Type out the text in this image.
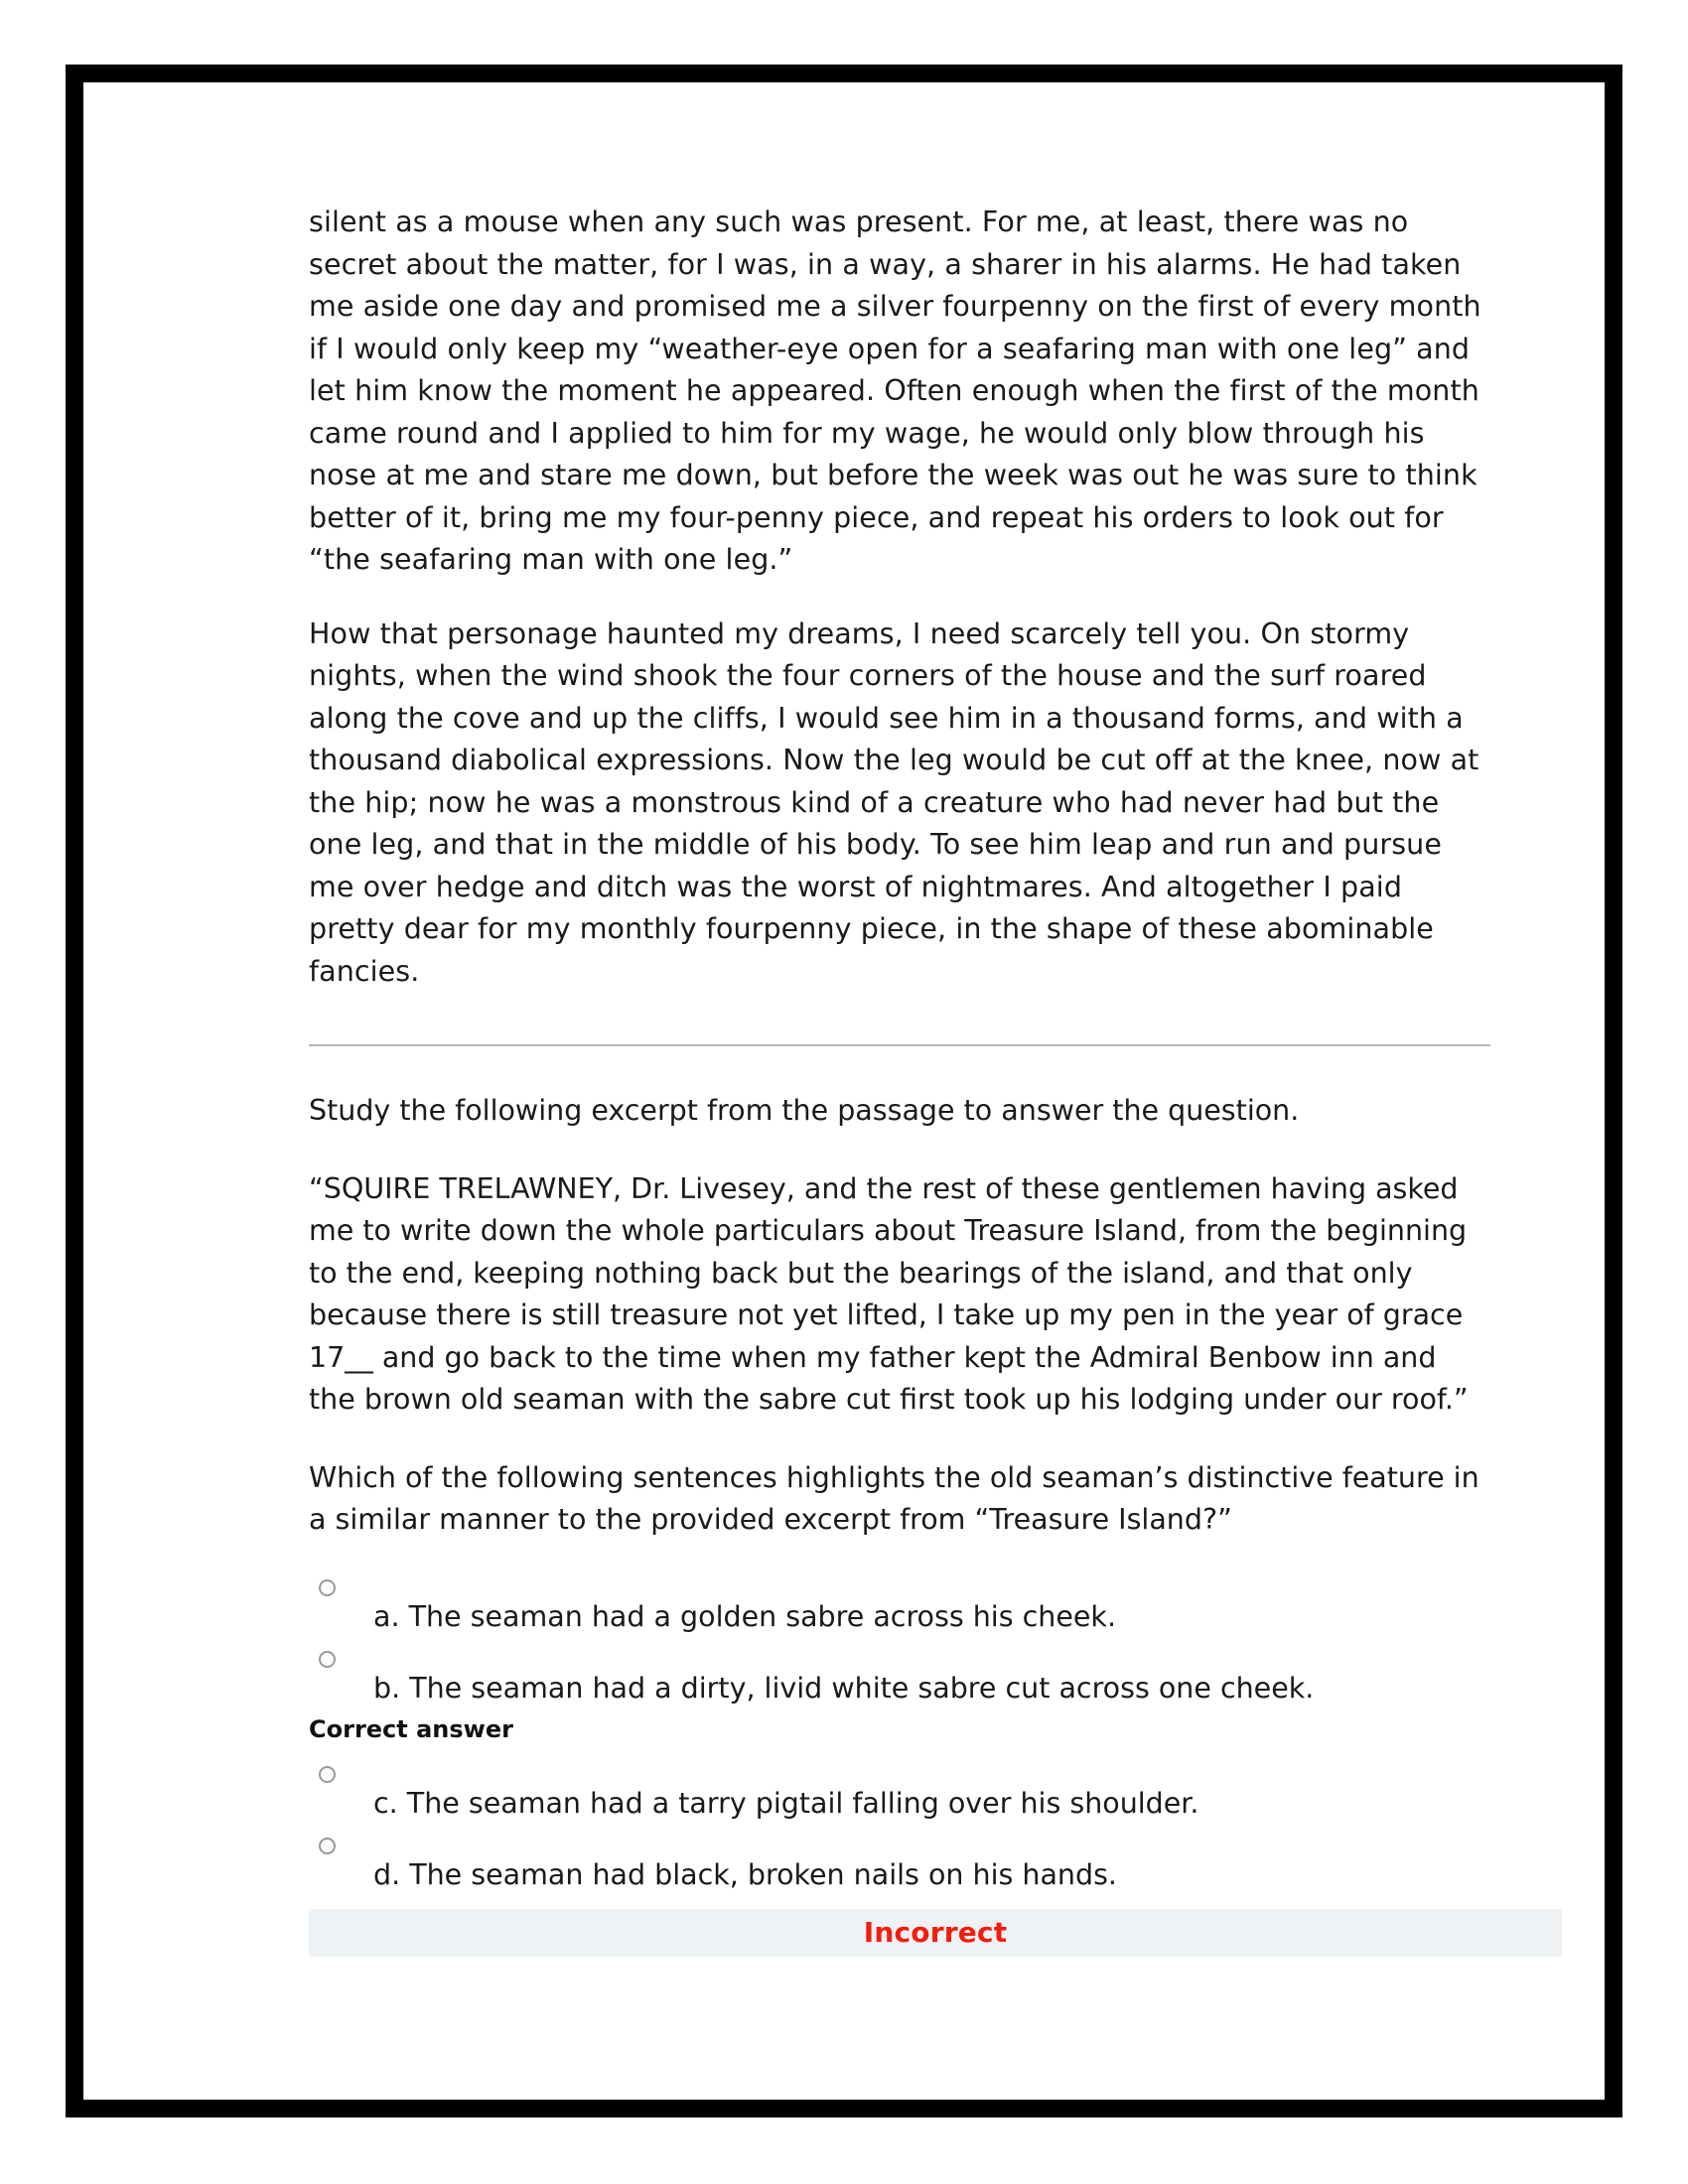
silent as a mouse when any such was present. For me, at least, there was no secret about the matter, for I was, in a way, a sharer in his alarms. He had taken me aside one day and promised me a silver fourpenny on the first of every month if I would only keep my “weather-eye open for a seafaring man with one leg” and let him know the moment he appeared. Often enough when the first of the month came round and I applied to him for my wage, he would only blow through his nose at me and stare me down, but before the week was out he was sure to think better of it, bring me my four-penny piece, and repeat his orders to look out for “the seafaring man with one leg.”

How that personage haunted my dreams, I need scarcely tell you. On stormy nights, when the wind shook the four corners of the house and the surf roared along the cove and up the cliffs, I would see him in a thousand forms, and with a thousand diabolical expressions. Now the leg would be cut off at the knee, now at the hip; now he was a monstrous kind of a creature who had never had but the one leg, and that in the middle of his body. To see him leap and run and pursue me over hedge and ditch was the worst of nightmares. And altogether I paid pretty dear for my monthly fourpenny piece, in the shape of these abominable fancies.

Study the following excerpt from the passage to answer the question.

“SQUIRE TRELAWNEY, Dr. Livesey, and the rest of these gentlemen having asked me to write down the whole particulars about Treasure Island, from the beginning to the end, keeping nothing back but the bearings of the island, and that only because there is still treasure not yet lifted, I take up my pen in the year of grace 17__ and go back to the time when my father kept the Admiral Benbow inn and the brown old seaman with the sabre cut first took up his lodging under our roof.”

Which of the following sentences highlights the old seaman’s distinctive feature in a similar manner to the provided excerpt from “Treasure Island?”

a. The seaman had a golden sabre across his cheek.
b. The seaman had a dirty, livid white sabre cut across one cheek.
Correct answer
c. The seaman had a tarry pigtail falling over his shoulder.
d. The seaman had black, broken nails on his hands.
Incorrect
